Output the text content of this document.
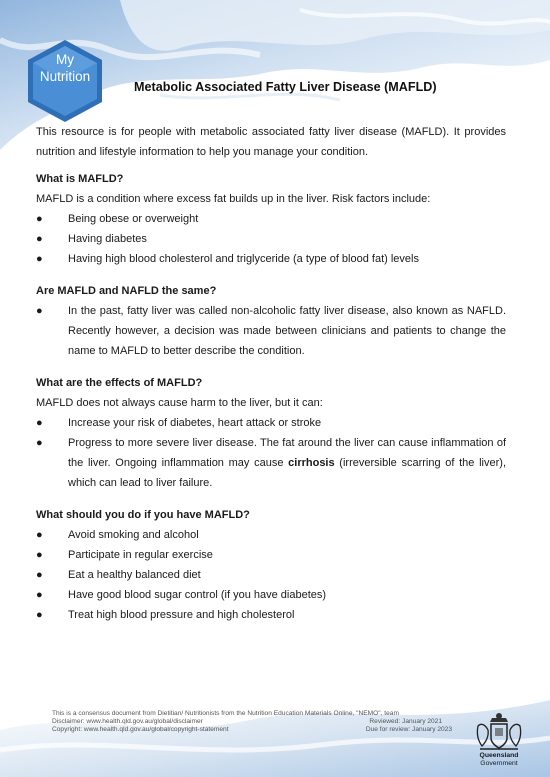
My
Nutrition
Metabolic Associated Fatty Liver Disease (MAFLD)

This resource is for people with metabolic associated fatty liver disease (MAFLD). It provides nutrition and lifestyle information to help you manage your condition.

What is MAFLD?

MAFLD is a condition where excess fat builds up in the liver. Risk factors include:

●	Being obese or overweight
●	Having diabetes
●	Having high blood cholesterol and triglyceride (a type of blood fat) levels

Are MAFLD and NAFLD the same?

●	In the past, fatty liver was called non-alcoholic fatty liver disease, also known as NAFLD. Recently however, a decision was made between clinicians and patients to change the name to MAFLD to better describe the condition.

What are the effects of MAFLD?

MAFLD does not always cause harm to the liver, but it can:

●	Increase your risk of diabetes, heart attack or stroke
●	Progress to more severe liver disease. The fat around the liver can cause inflammation of the liver. Ongoing inflammation may cause cirrhosis (irreversible scarring of the liver), which can lead to liver failure.

What should you do if you have MAFLD?

●	Avoid smoking and alcohol
●	Participate in regular exercise
●	Eat a healthy balanced diet
●	Have good blood sugar control (if you have diabetes)
●	Treat high blood pressure and high cholesterol
This is a consensus document from Dietitian/ Nutritionists from the Nutrition Education Materials Online, "NEMO", team
Disclaimer: www.health.qld.gov.au/global/disclaimer	Reviewed: January 2021
Copyright: www.health.qld.gov.au/global/copyright-statement	Due for review: January 2023
Queensland
Government
